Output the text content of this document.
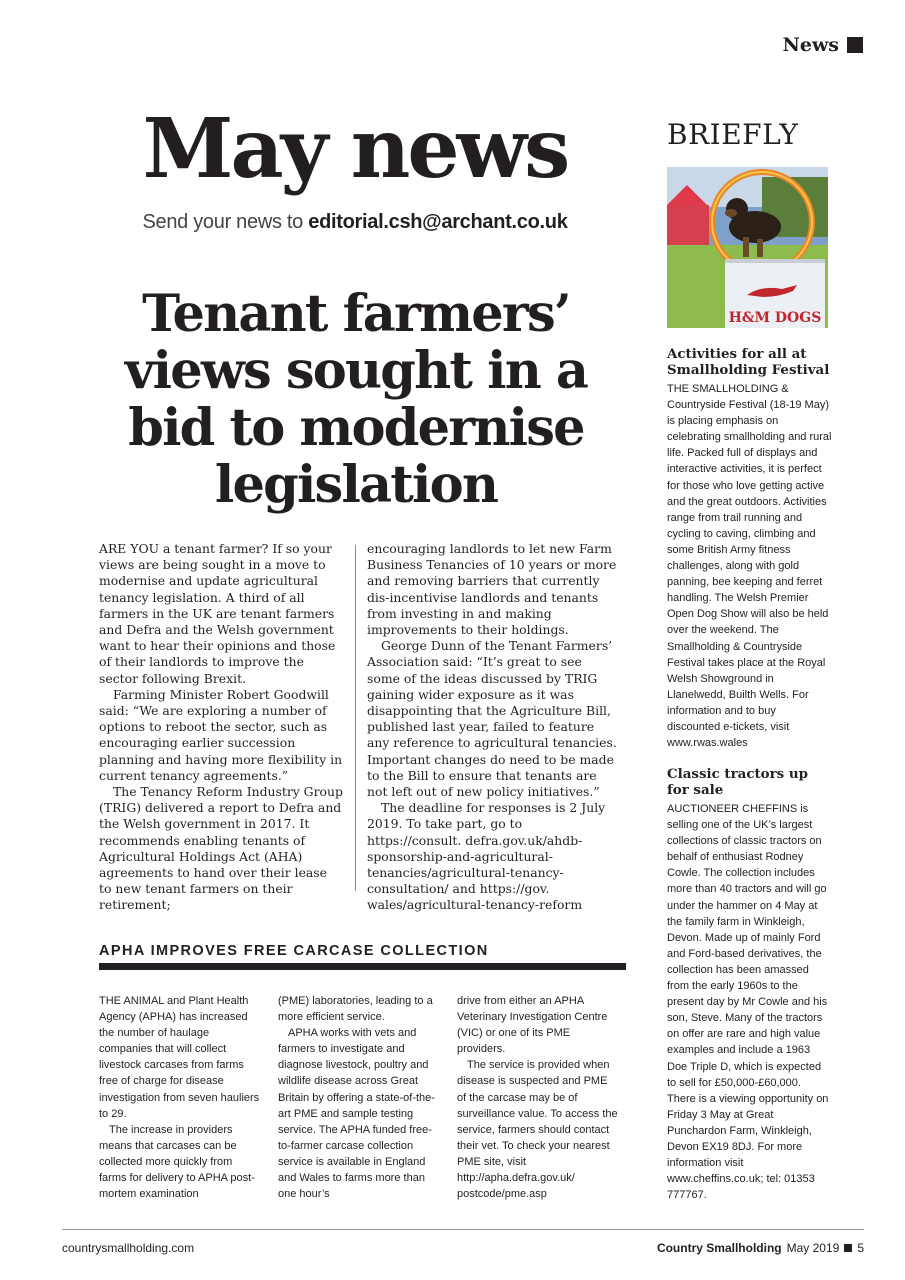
News
May news
Send your news to editorial.csh@archant.co.uk
Tenant farmers’ views sought in a bid to modernise legislation

ARE YOU a tenant farmer? If so your views are being sought in a move to modernise and update agricultural tenancy legislation. A third of all farmers in the UK are tenant farmers and Defra and the Welsh government want to hear their opinions and those of their landlords to improve the sector following Brexit.

Farming Minister Robert Goodwill said: “We are exploring a number of options to reboot the sector, such as encouraging earlier succession planning and having more flexibility in current tenancy agreements.”

The Tenancy Reform Industry Group (TRIG) delivered a report to Defra and the Welsh government in 2017. It recommends enabling tenants of Agricultural Holdings Act (AHA) agreements to hand over their lease to new tenant farmers on their retirement;

encouraging landlords to let new Farm Business Tenancies of 10 years or more and removing barriers that currently dis-incentivise landlords and tenants from investing in and making improvements to their holdings.

George Dunn of the Tenant Farmers’ Association said: “It’s great to see some of the ideas discussed by TRIG gaining wider exposure as it was disappointing that the Agriculture Bill, published last year, failed to feature any reference to agricultural tenancies. Important changes do need to be made to the Bill to ensure that tenants are not left out of new policy initiatives.”

The deadline for responses is 2 July 2019. To take part, go to https://consult. defra.gov.uk/ahdb-sponsorship-and-agricultural-tenancies/agricultural-tenancy-consultation/ and https://gov. wales/agricultural-tenancy-reform

APHA IMPROVES FREE CARCASE COLLECTION

THE ANIMAL and Plant Health Agency (APHA) has increased the number of haulage companies that will collect livestock carcases from farms free of charge for disease investigation from seven hauliers to 29.

The increase in providers means that carcases can be collected more quickly from farms for delivery to APHA post-mortem examination

(PME) laboratories, leading to a more efficient service.

APHA works with vets and farmers to investigate and diagnose livestock, poultry and wildlife disease across Great Britain by offering a state-of-the-art PME and sample testing service. The APHA funded free-to-farmer carcase collection service is available in England and Wales to farms more than one hour’s

drive from either an APHA Veterinary Investigation Centre (VIC) or one of its PME providers.

The service is provided when disease is suspected and PME of the carcase may be of surveillance value. To access the service, farmers should contact their vet. To check your nearest PME site, visit http://apha.defra.gov.uk/ postcode/pme.asp

BRIEFLY
H&M DOGS
Activities for all at Smallholding Festival

THE SMALLHOLDING & Countryside Festival (18-19 May) is placing emphasis on celebrating smallholding and rural life. Packed full of displays and interactive activities, it is perfect for those who love getting active and the great outdoors. Activities range from trail running and cycling to caving, climbing and some British Army fitness challenges, along with gold panning, bee keeping and ferret handling. The Welsh Premier Open Dog Show will also be held over the weekend. The Smallholding & Countryside Festival takes place at the Royal Welsh Showground in Llanelwedd, Builth Wells. For information and to buy discounted e-tickets, visit www.rwas.wales

Classic tractors up for sale

AUCTIONEER CHEFFINS is selling one of the UK’s largest collections of classic tractors on behalf of enthusiast Rodney Cowle. The collection includes more than 40 tractors and will go under the hammer on 4 May at the family farm in Winkleigh, Devon. Made up of mainly Ford and Ford-based derivatives, the collection has been amassed from the early 1960s to the present day by Mr Cowle and his son, Steve. Many of the tractors on offer are rare and high value examples and include a 1963 Doe Triple D, which is expected to sell for £50,000-£60,000. There is a viewing opportunity on Friday 3 May at Great Punchardon Farm, Winkleigh, Devon EX19 8DJ. For more information visit www.cheffins.co.uk; tel: 01353 777767.

countrysmallholding.com	Country Smallholding May 2019 5
